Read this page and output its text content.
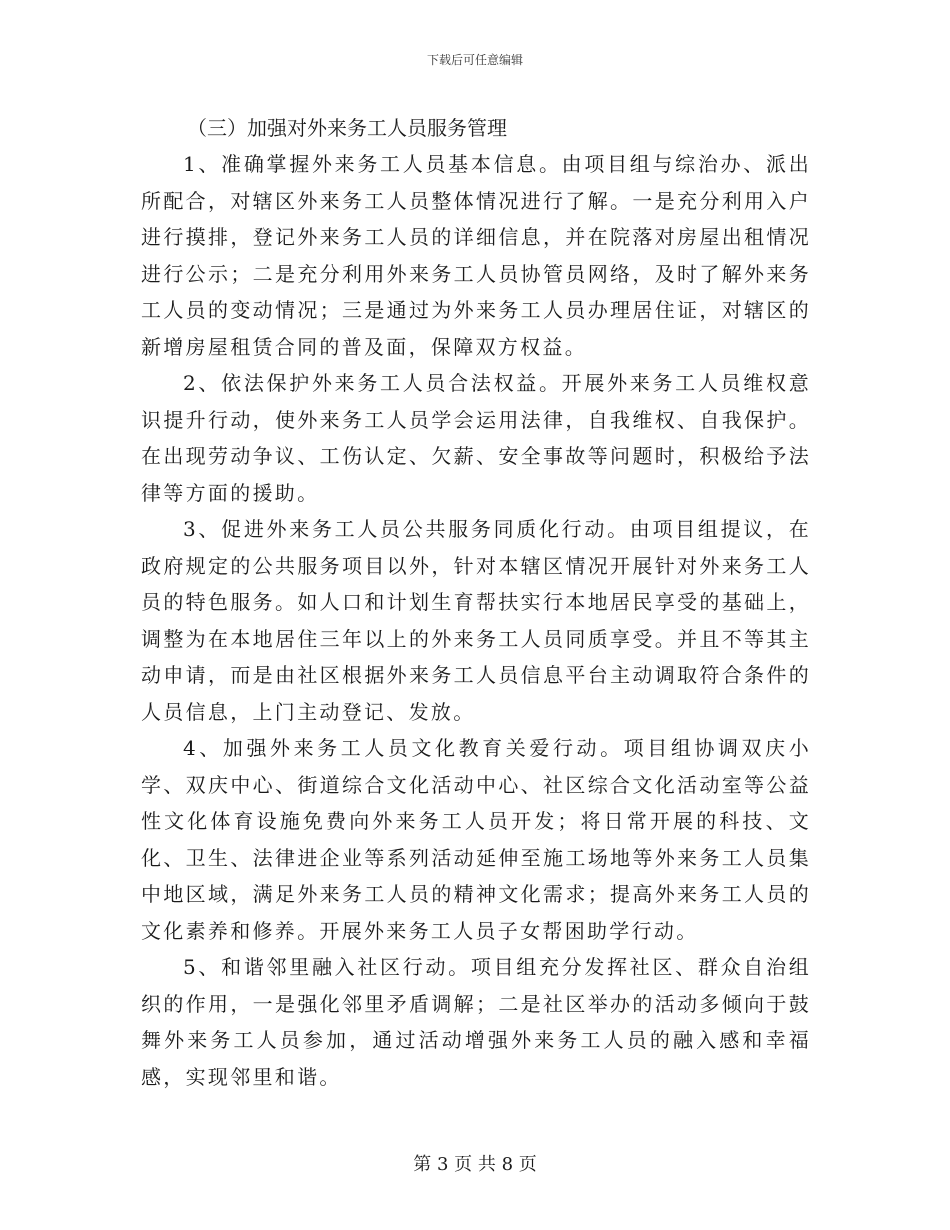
下载后可任意编辑

（三）加强对外来务工人员服务管理

1、准确掌握外来务工人员基本信息。由项目组与综治办、派出所配合，对辖区外来务工人员整体情况进行了解。一是充分利用入户进行摸排，登记外来务工人员的详细信息，并在院落对房屋出租情况进行公示；二是充分利用外来务工人员协管员网络，及时了解外来务工人员的变动情况；三是通过为外来务工人员办理居住证，对辖区的新增房屋租赁合同的普及面，保障双方权益。

2、依法保护外来务工人员合法权益。开展外来务工人员维权意识提升行动，使外来务工人员学会运用法律，自我维权、自我保护。在出现劳动争议、工伤认定、欠薪、安全事故等问题时，积极给予法律等方面的援助。

3、促进外来务工人员公共服务同质化行动。由项目组提议，在政府规定的公共服务项目以外，针对本辖区情况开展针对外来务工人员的特色服务。如人口和计划生育帮扶实行本地居民享受的基础上，调整为在本地居住三年以上的外来务工人员同质享受。并且不等其主动申请，而是由社区根据外来务工人员信息平台主动调取符合条件的人员信息，上门主动登记、发放。

4、加强外来务工人员文化教育关爱行动。项目组协调双庆小学、双庆中心、街道综合文化活动中心、社区综合文化活动室等公益性文化体育设施免费向外来务工人员开发；将日常开展的科技、文化、卫生、法律进企业等系列活动延伸至施工场地等外来务工人员集中地区域，满足外来务工人员的精神文化需求；提高外来务工人员的文化素养和修养。开展外来务工人员子女帮困助学行动。

5、和谐邻里融入社区行动。项目组充分发挥社区、群众自治组织的作用，一是强化邻里矛盾调解；二是社区举办的活动多倾向于鼓舞外来务工人员参加，通过活动增强外来务工人员的融入感和幸福感，实现邻里和谐。

第 3 页 共 8 页
